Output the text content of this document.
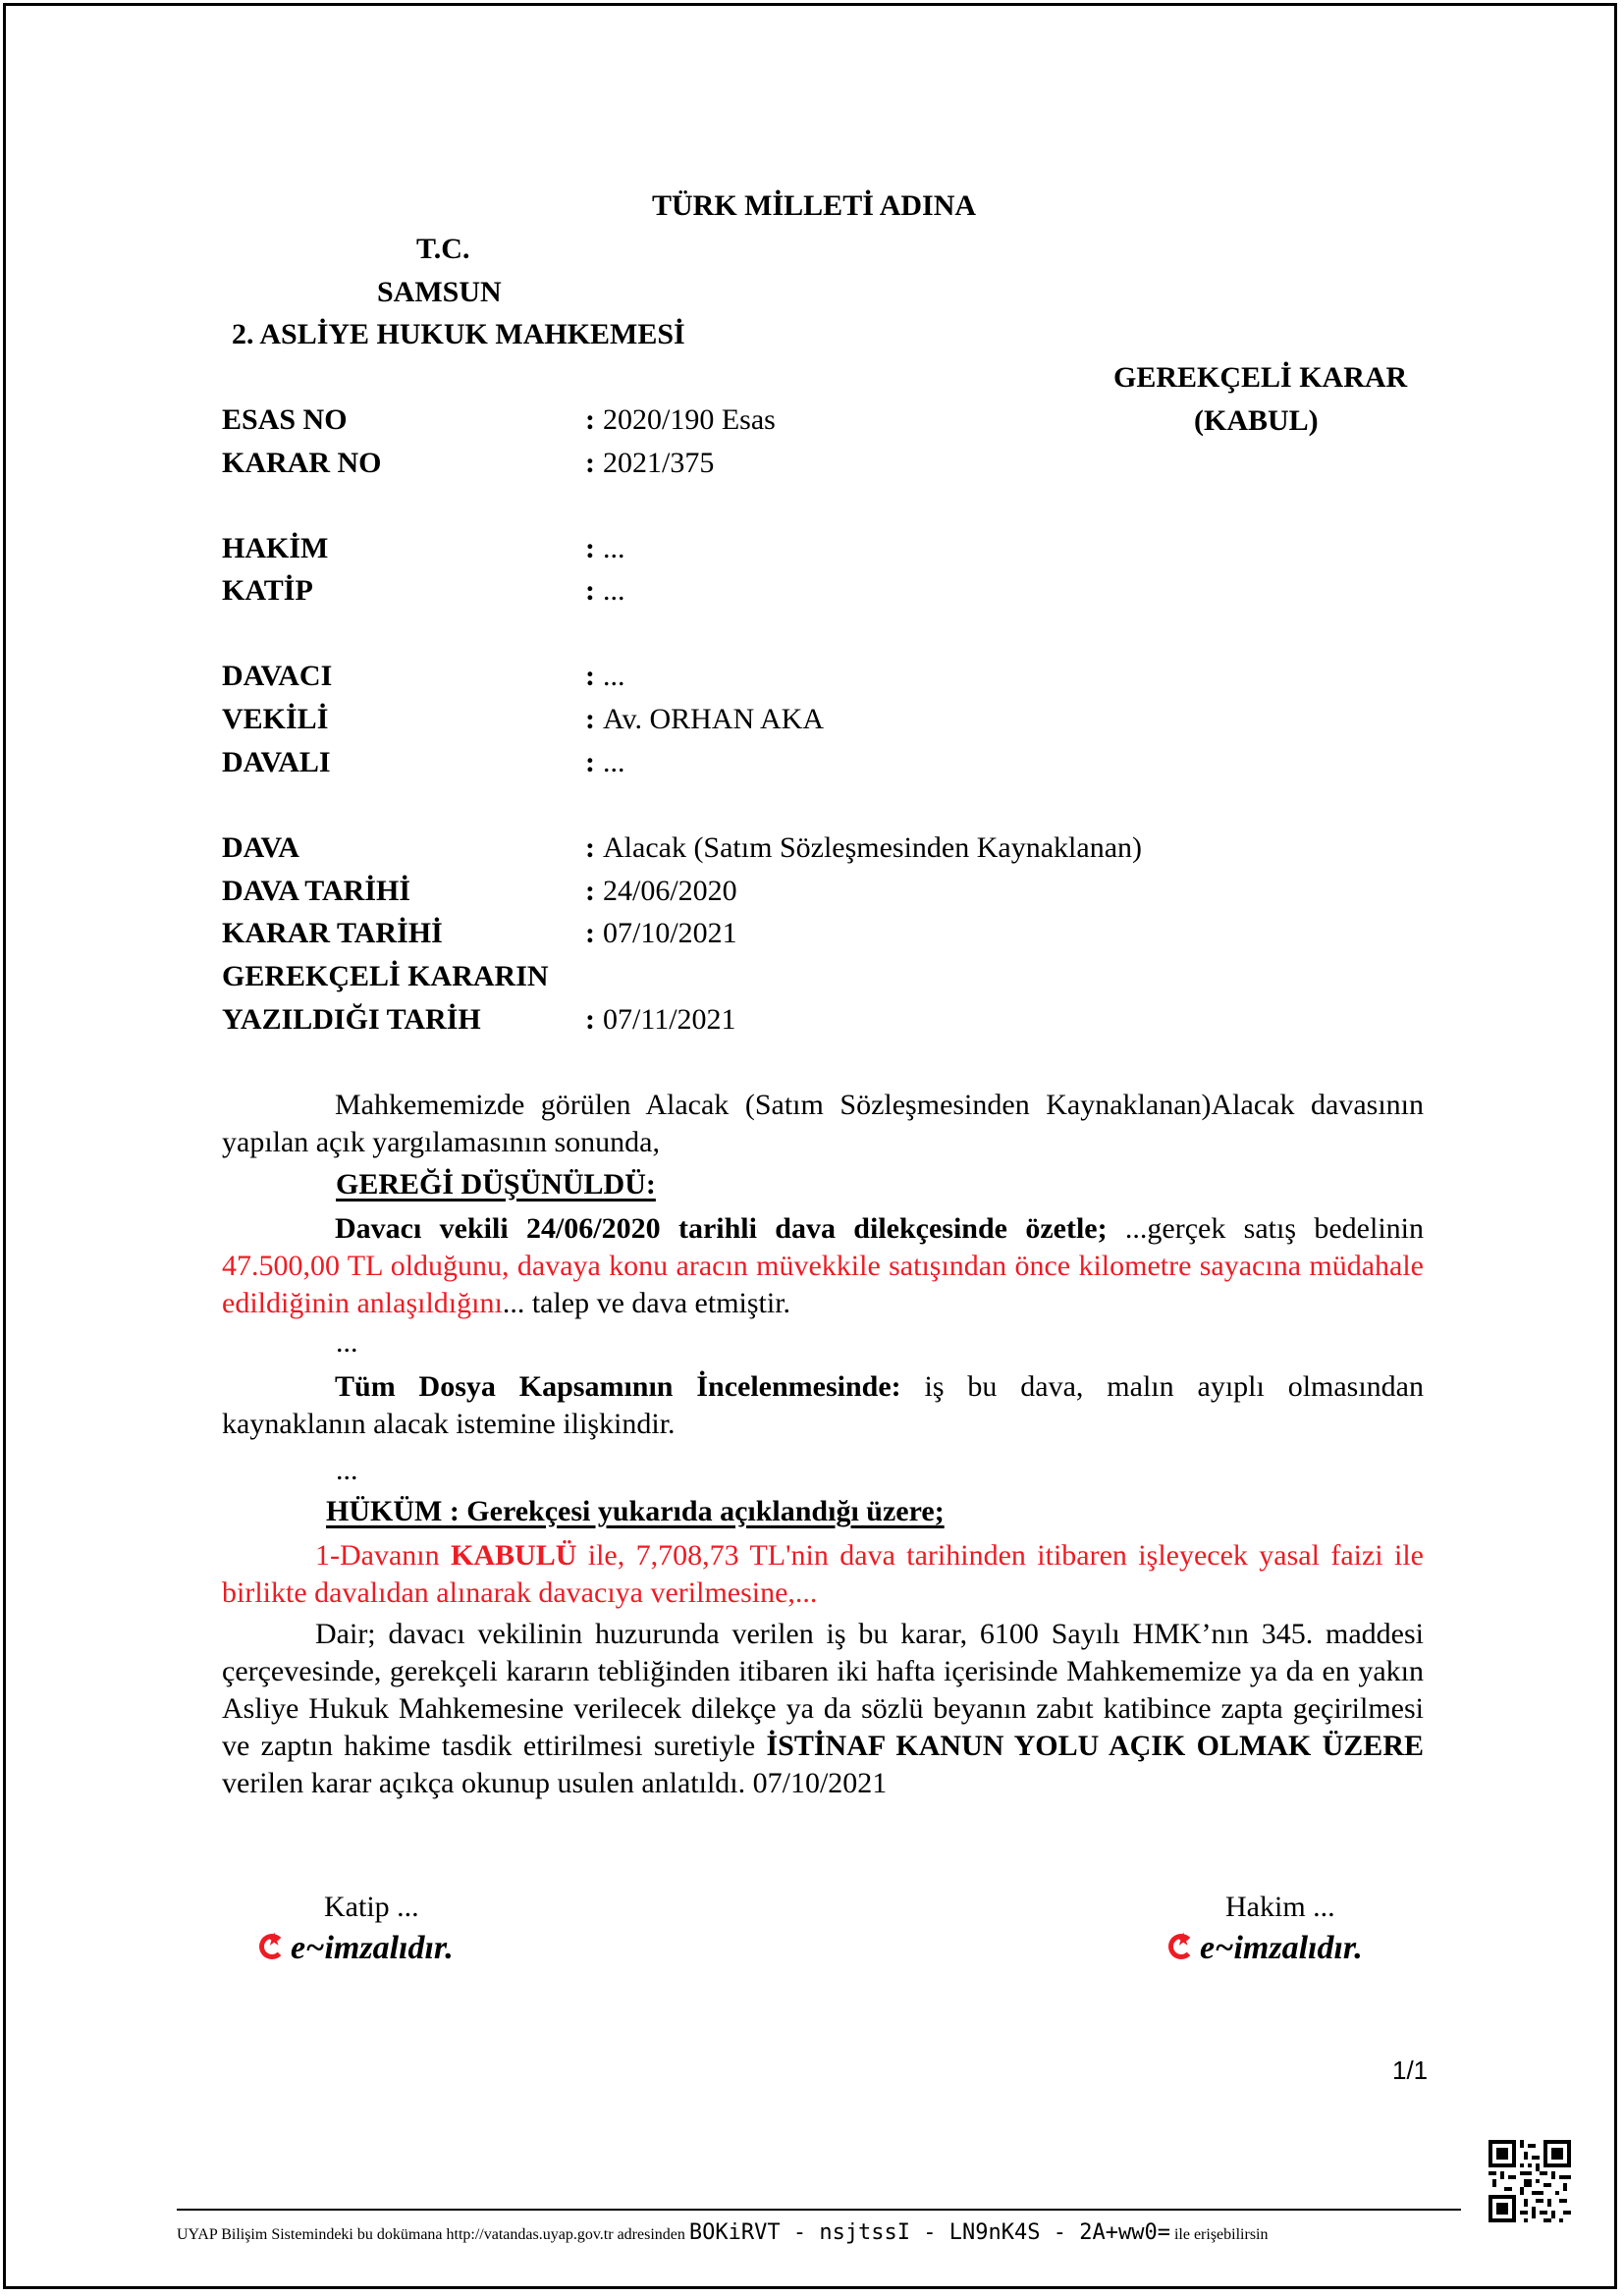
TÜRK MİLLETİ ADINA
T.C.
SAMSUN
2. ASLİYE HUKUK MAHKEMESİ
GEREKÇELİ KARAR
(KABUL)
ESAS NO	: 2020/190 Esas
KARAR NO	: 2021/375
HAKİM	: ...
KATİP	: ...
DAVACI	: ...
VEKİLİ	: Av. ORHAN AKA
DAVALI	: ...
DAVA	: Alacak (Satım Sözleşmesinden Kaynaklanan)
DAVA TARİHİ	: 24/06/2020
KARAR TARİHİ	: 07/10/2021
GEREKÇELİ KARARIN
YAZILDIĞI TARİH	: 07/11/2021
Mahkememizde görülen Alacak (Satım Sözleşmesinden Kaynaklanan)Alacak davasının yapılan açık yargılamasının sonunda,
GEREĞİ DÜŞÜNÜLDÜ:
Davacı vekili 24/06/2020 tarihli dava dilekçesinde özetle; ...gerçek satış bedelinin 47.500,00 TL olduğunu, davaya konu aracın müvekkile satışından önce kilometre sayacına müdahale edildiğinin anlaşıldığını... talep ve dava etmiştir.
...
Tüm Dosya Kapsamının İncelenmesinde: iş bu dava, malın ayıplı olmasından kaynaklanın alacak istemine ilişkindir.
...
HÜKÜM : Gerekçesi yukarıda açıklandığı üzere;
1-Davanın KABULÜ ile, 7,708,73 TL'nin dava tarihinden itibaren işleyecek yasal faizi ile birlikte davalıdan alınarak davacıya verilmesine,...
Dair; davacı vekilinin huzurunda verilen iş bu karar, 6100 Sayılı HMK’nın 345. maddesi çerçevesinde, gerekçeli kararın tebliğinden itibaren iki hafta içerisinde Mahkememize ya da en yakın Asliye Hukuk Mahkemesine verilecek dilekçe ya da sözlü beyanın zabıt katibince zapta geçirilmesi ve zaptın hakime tasdik ettirilmesi suretiyle İSTİNAF KANUN YOLU AÇIK OLMAK ÜZERE verilen karar açıkça okunup usulen anlatıldı. 07/10/2021
Katip ...
★e~imzalıdır.
Hakim ...
★e~imzalıdır.
1/1
UYAP Bilişim Sistemindeki bu dokümana http://vatandas.uyap.gov.tr adresinden BOKiRVT - nsjtssI - LN9nK4S - 2A+ww0= ile erişebilirsin
